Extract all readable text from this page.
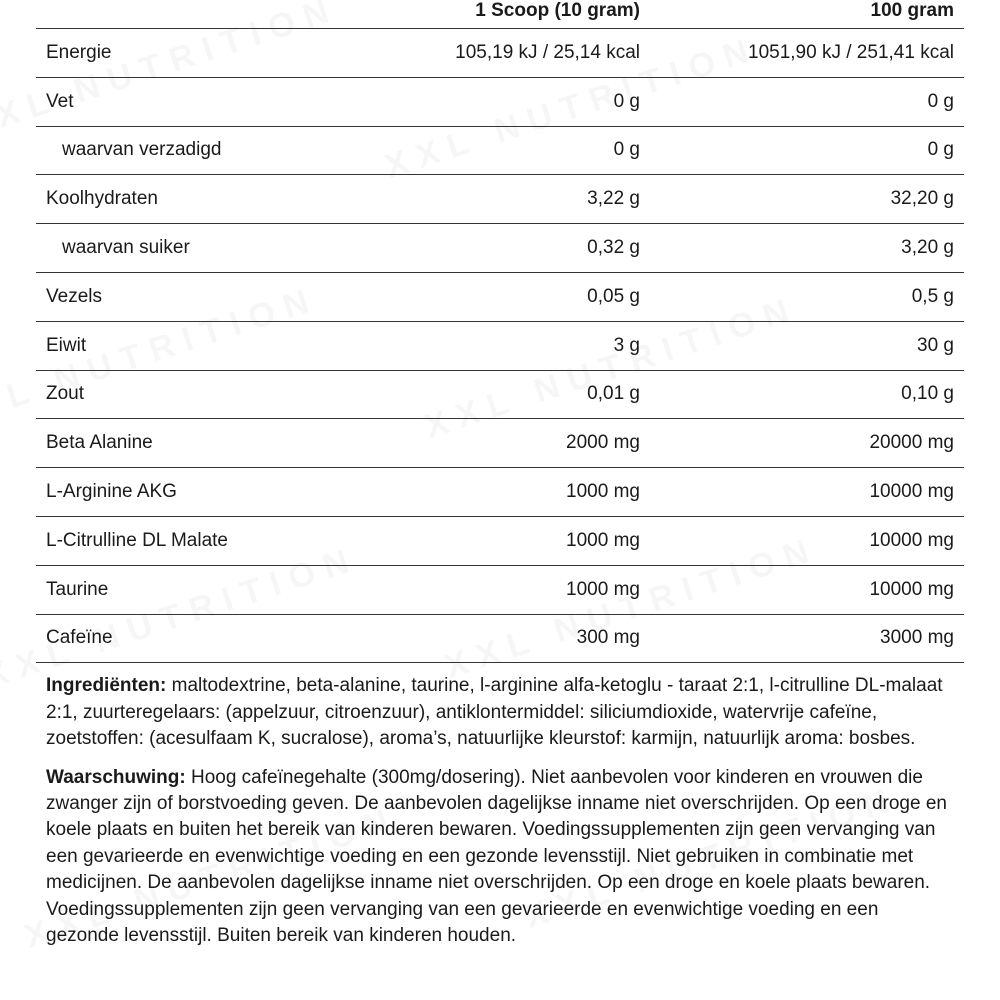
	1 Scoop (10 gram)	100 gram
Energie	105,19 kJ / 25,14 kcal	1051,90 kJ / 251,41 kcal
Vet	0 g	0 g
waarvan verzadigd	0 g	0 g
Koolhydraten	3,22 g	32,20 g
waarvan suiker	0,32 g	3,20 g
Vezels	0,05 g	0,5 g
Eiwit	3 g	30 g
Zout	0,01 g	0,10 g
Beta Alanine	2000 mg	20000 mg
L-Arginine AKG	1000 mg	10000 mg
L-Citrulline DL Malate	1000 mg	10000 mg
Taurine	1000 mg	10000 mg
Cafeïne	300 mg	3000 mg
Ingrediënten: maltodextrine, beta-alanine, taurine, l-arginine alfa-ketoglu - taraat 2:1, l-citrulline DL-malaat 2:1, zuurteregelaars: (appelzuur, citroenzuur), antiklontermiddel: siliciumdioxide, watervrije cafeïne, zoetstoffen: (acesulfaam K, sucralose), aroma’s, natuurlijke kleurstof: karmijn, natuurlijk aroma: bosbes.
Waarschuwing: Hoog cafeïnegehalte (300mg/dosering). Niet aanbevolen voor kinderen en vrouwen die zwanger zijn of borstvoeding geven. De aanbevolen dagelijkse inname niet overschrijden. Op een droge en koele plaats en buiten het bereik van kinderen bewaren. Voedingssupplementen zijn geen vervanging van een gevarieerde en evenwichtige voeding en een gezonde levensstijl. Niet gebruiken in combinatie met medicijnen. De aanbevolen dagelijkse inname niet overschrijden. Op een droge en koele plaats bewaren. Voedingssupplementen zijn geen vervanging van een gevarieerde en evenwichtige voeding en een gezonde levensstijl. Buiten bereik van kinderen houden.
